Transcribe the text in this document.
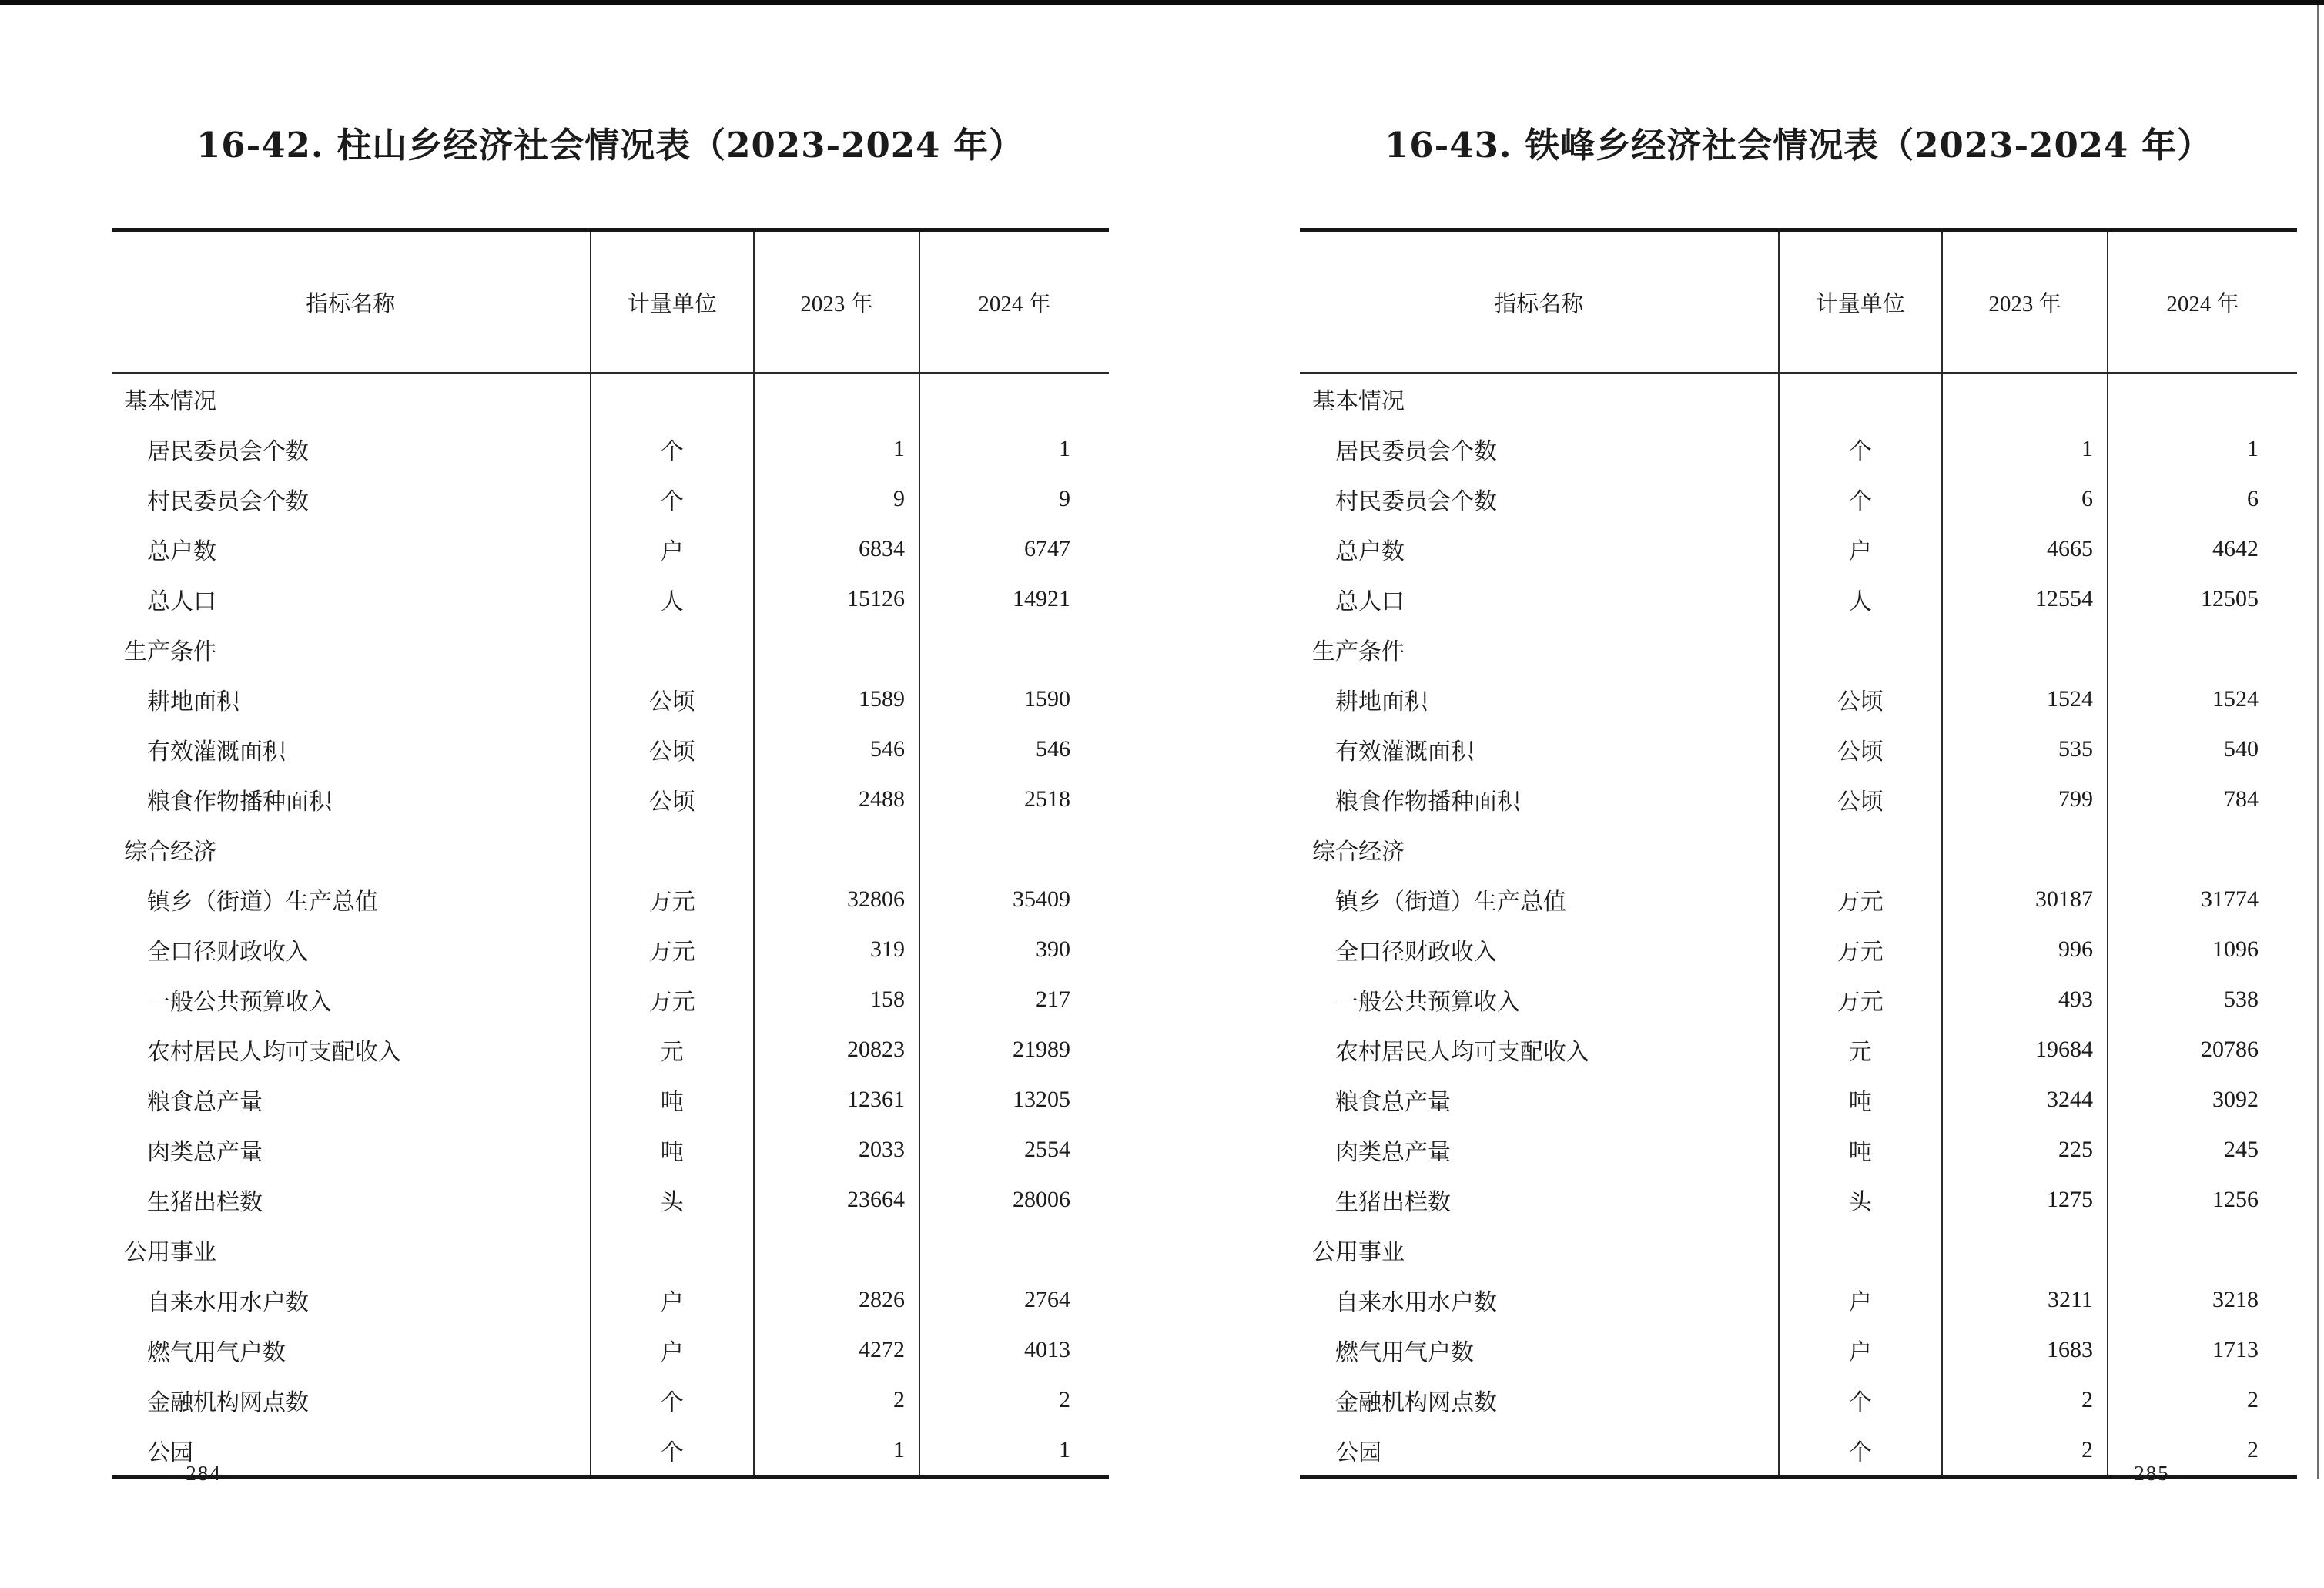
16-42. 柱山乡经济社会情况表（2023-2024 年）
指标名称	计量单位	2023 年	2024 年
基本情况			
居民委员会个数	个	1	1
村民委员会个数	个	9	9
总户数	户	6834	6747
总人口	人	15126	14921
生产条件			
耕地面积	公顷	1589	1590
有效灌溉面积	公顷	546	546
粮食作物播种面积	公顷	2488	2518
综合经济			
镇乡（街道）生产总值	万元	32806	35409
全口径财政收入	万元	319	390
一般公共预算收入	万元	158	217
农村居民人均可支配收入	元	20823	21989
粮食总产量	吨	12361	13205
肉类总产量	吨	2033	2554
生猪出栏数	头	23664	28006
公用事业			
自来水用水户数	户	2826	2764
燃气用气户数	户	4272	4013
金融机构网点数	个	2	2
公园	个	1	1
– 284 –
16-43. 铁峰乡经济社会情况表（2023-2024 年）
指标名称	计量单位	2023 年	2024 年
基本情况			
居民委员会个数	个	1	1
村民委员会个数	个	6	6
总户数	户	4665	4642
总人口	人	12554	12505
生产条件			
耕地面积	公顷	1524	1524
有效灌溉面积	公顷	535	540
粮食作物播种面积	公顷	799	784
综合经济			
镇乡（街道）生产总值	万元	30187	31774
全口径财政收入	万元	996	1096
一般公共预算收入	万元	493	538
农村居民人均可支配收入	元	19684	20786
粮食总产量	吨	3244	3092
肉类总产量	吨	225	245
生猪出栏数	头	1275	1256
公用事业			
自来水用水户数	户	3211	3218
燃气用气户数	户	1683	1713
金融机构网点数	个	2	2
公园	个	2	2
– 285 –
